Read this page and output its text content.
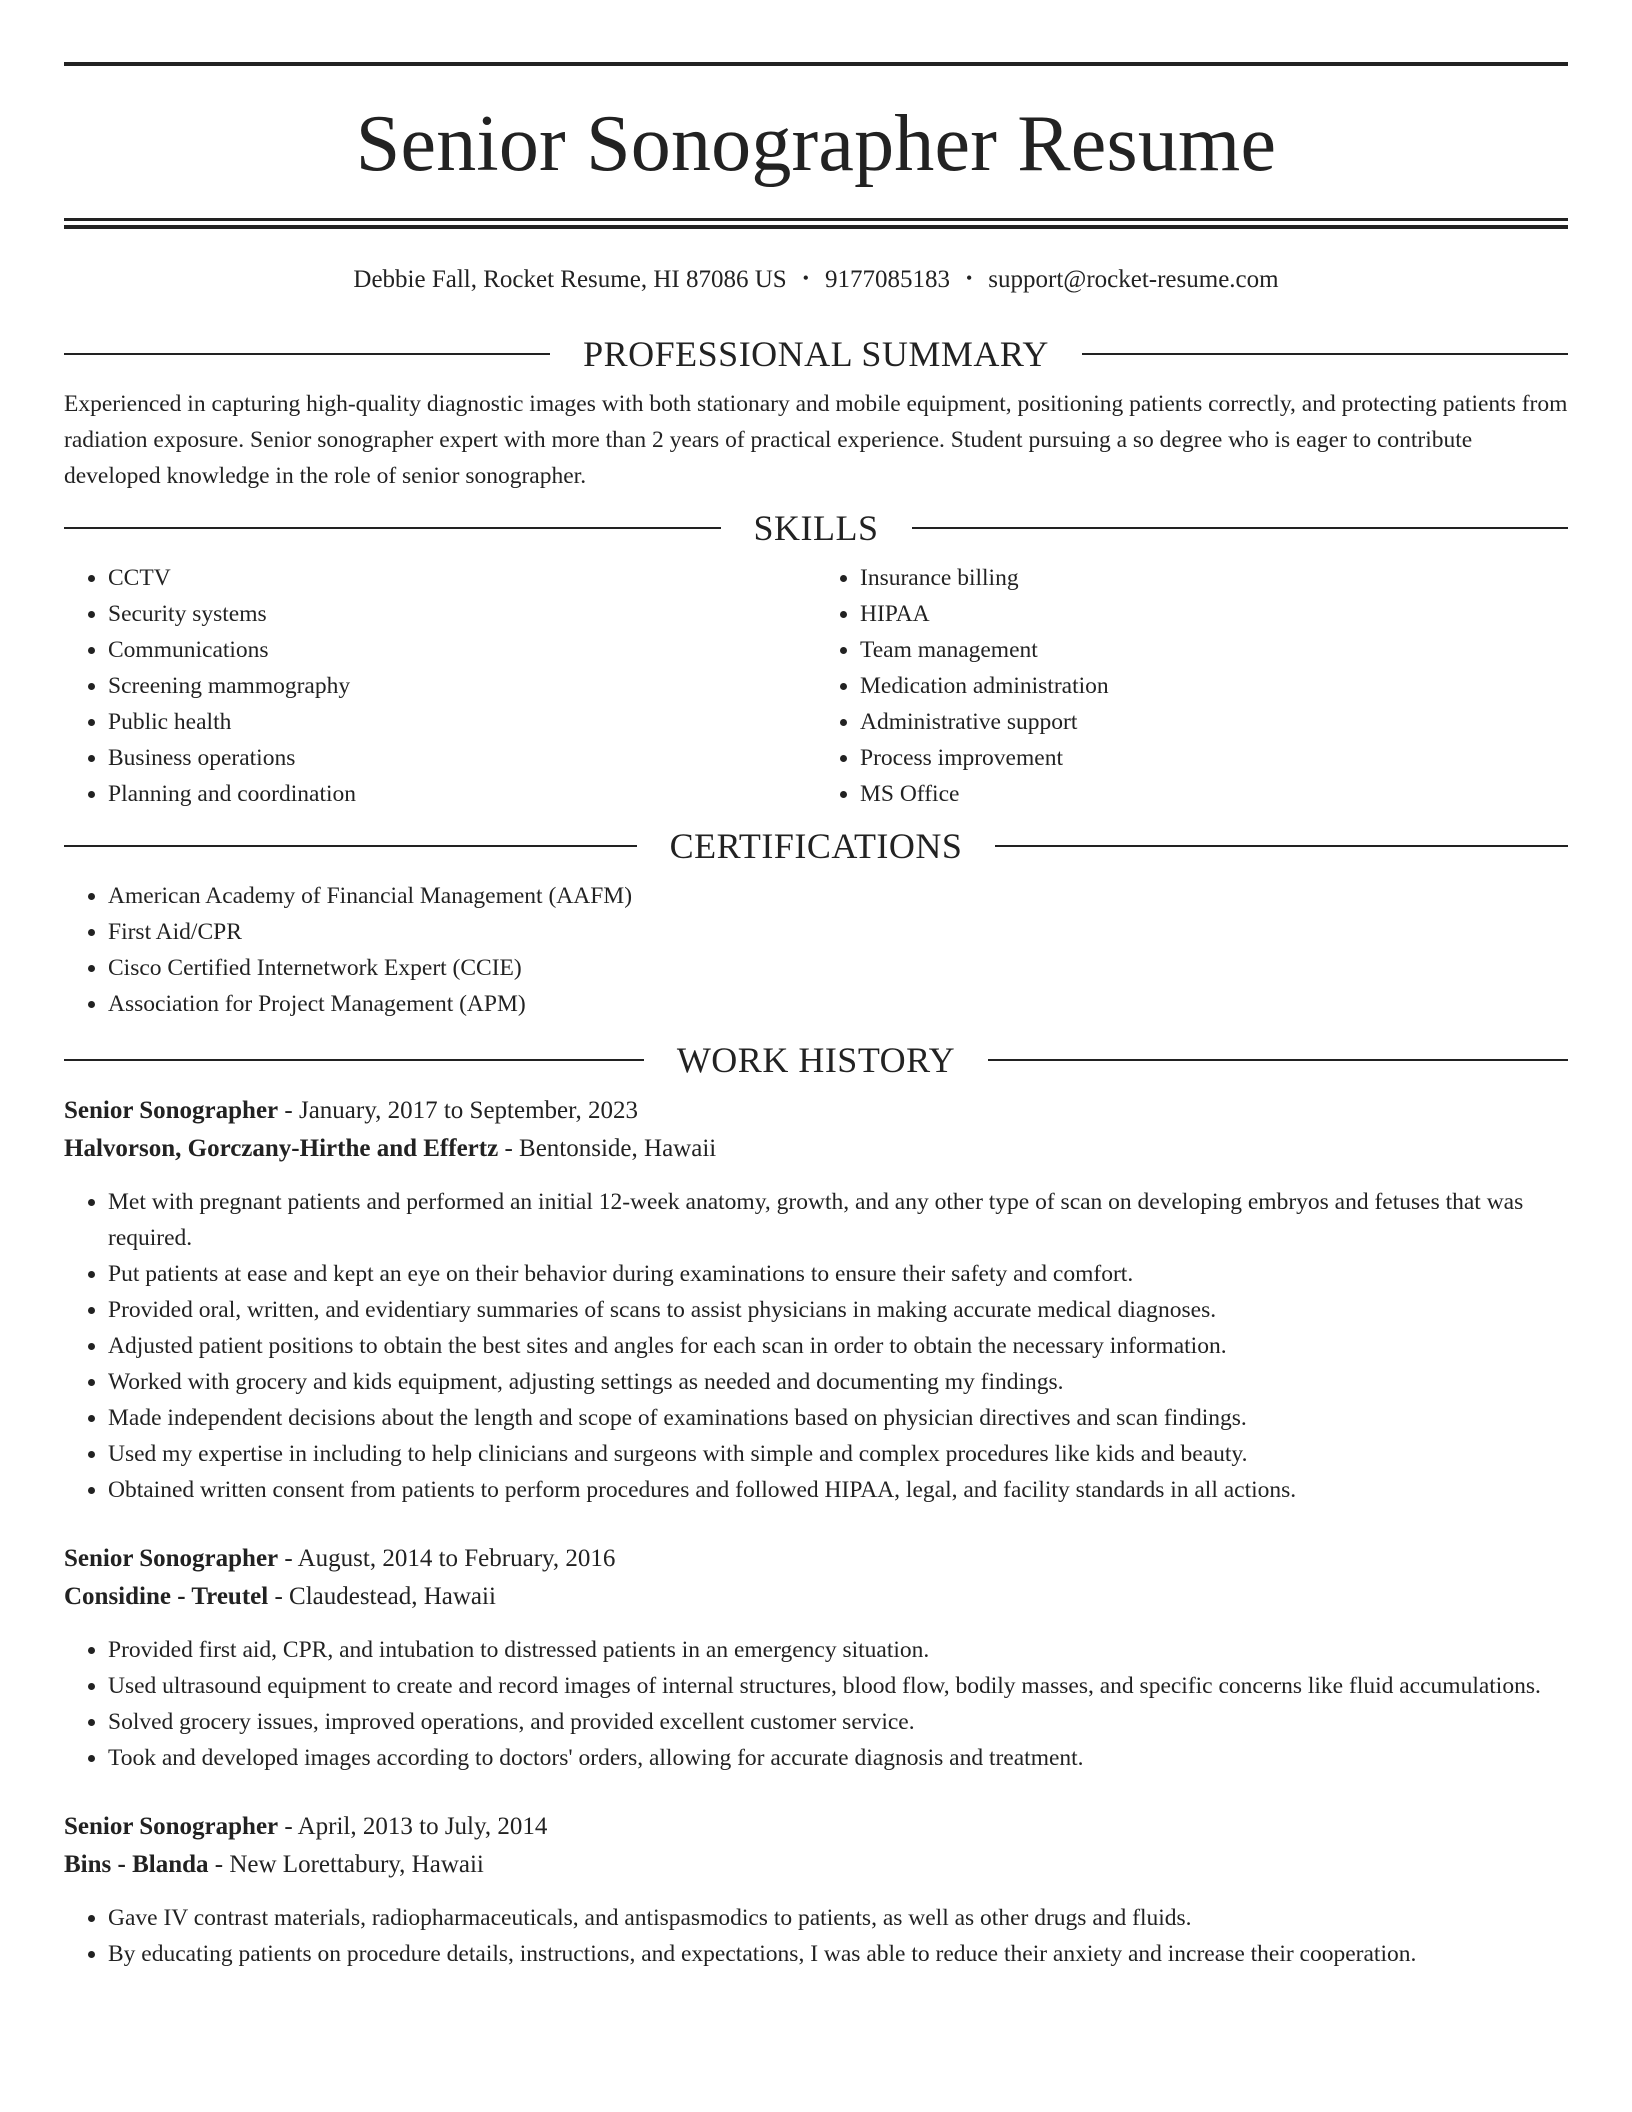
Senior Sonographer Resume
Debbie Fall, Rocket Resume, HI 87086 US • 9177085183 • support@rocket-resume.com
PROFESSIONAL SUMMARY

Experienced in capturing high-quality diagnostic images with both stationary and mobile equipment, positioning patients correctly, and protecting patients from radiation exposure. Senior sonographer expert with more than 2 years of practical experience. Student pursuing a so degree who is eager to contribute developed knowledge in the role of senior sonographer.

SKILLS
• CCTV
• Security systems
• Communications
• Screening mammography
• Public health
• Business operations
• Planning and coordination
• Insurance billing
• HIPAA
• Team management
• Medication administration
• Administrative support
• Process improvement
• MS Office
CERTIFICATIONS
• American Academy of Financial Management (AAFM)
• First Aid/CPR
• Cisco Certified Internetwork Expert (CCIE)
• Association for Project Management (APM)
WORK HISTORY
Senior Sonographer - January, 2017 to September, 2023
Halvorson, Gorczany-Hirthe and Effertz - Bentonside, Hawaii
• Met with pregnant patients and performed an initial 12-week anatomy, growth, and any other type of scan on developing embryos and fetuses that was required.
• Put patients at ease and kept an eye on their behavior during examinations to ensure their safety and comfort.
• Provided oral, written, and evidentiary summaries of scans to assist physicians in making accurate medical diagnoses.
• Adjusted patient positions to obtain the best sites and angles for each scan in order to obtain the necessary information.
• Worked with grocery and kids equipment, adjusting settings as needed and documenting my findings.
• Made independent decisions about the length and scope of examinations based on physician directives and scan findings.
• Used my expertise in including to help clinicians and surgeons with simple and complex procedures like kids and beauty.
• Obtained written consent from patients to perform procedures and followed HIPAA, legal, and facility standards in all actions.
Senior Sonographer - August, 2014 to February, 2016
Considine - Treutel - Claudestead, Hawaii
• Provided first aid, CPR, and intubation to distressed patients in an emergency situation.
• Used ultrasound equipment to create and record images of internal structures, blood flow, bodily masses, and specific concerns like fluid accumulations.
• Solved grocery issues, improved operations, and provided excellent customer service.
• Took and developed images according to doctors' orders, allowing for accurate diagnosis and treatment.
Senior Sonographer - April, 2013 to July, 2014
Bins - Blanda - New Lorettabury, Hawaii
• Gave IV contrast materials, radiopharmaceuticals, and antispasmodics to patients, as well as other drugs and fluids.
• By educating patients on procedure details, instructions, and expectations, I was able to reduce their anxiety and increase their cooperation.
